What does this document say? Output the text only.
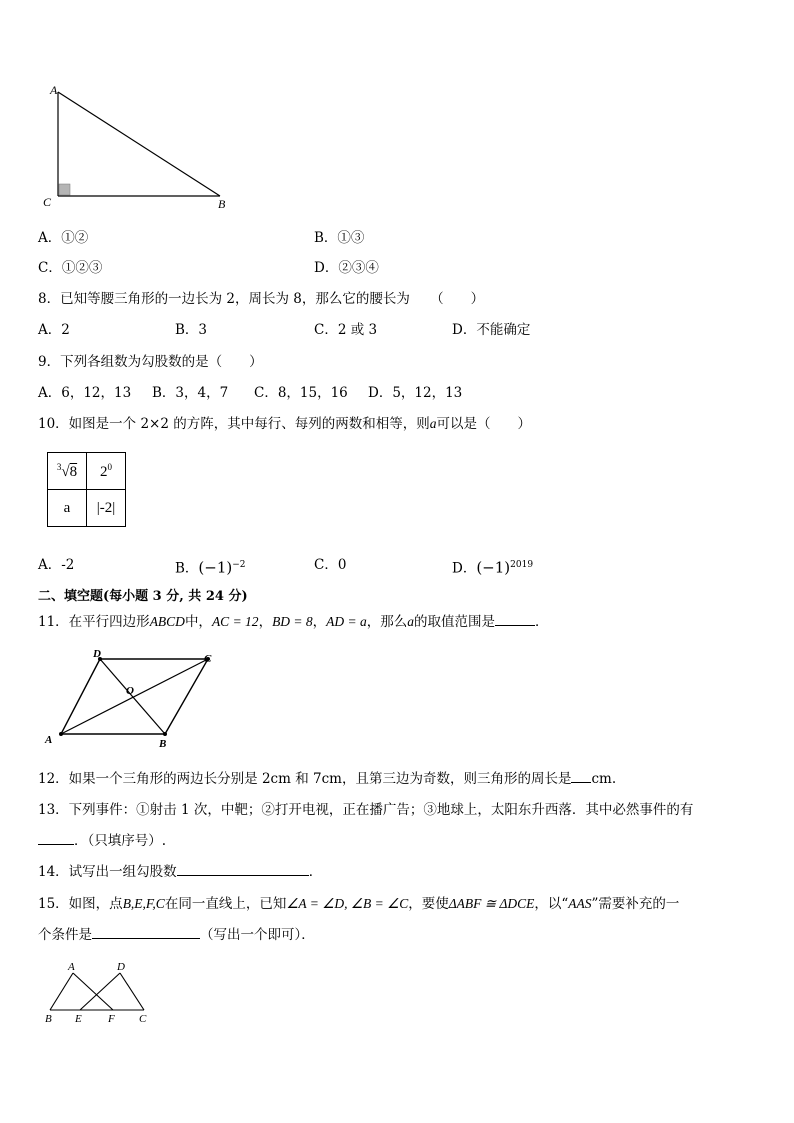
A
C	B
A．①②	B．①③
C．①②③	D．②③④
8．已知等腰三角形的一边长为 2，周长为 8，那么它的腰长为　　（　　）
A．2	B．3	C．2 或 3	D．不能确定
9．下列各组数为勾股数的是（　　）
A．6，12，13 B．3，4，7 C．8，15，16 D．5，12，13
10．如图是一个 2×2 的方阵，其中每行、每列的两数和相等，则a可以是（　　）
$^3$√8	$2^0$
a	|-2|
A．-2	B．$(-1)^{-2}$	C．0	D．$(-1)^{2019}$
二、填空题(每小题 3 分, 共 24 分)
11．在平行四边形ABCD中，AC = 12，BD = 8，AD = a，那么a的取值范围是	．
D	C
O
A	B
12．如果一个三角形的两边长分别是 2cm 和 7cm，且第三边为奇数，则三角形的周长是 cm.
13．下列事件：①射击 1 次，中靶；②打开电视，正在播广告；③地球上，太阳东升西落．其中必然事件的有
．（只填序号）.
14．试写出一组勾股数	．
15．如图，点B,E,F,C在同一直线上，已知∠A = ∠D, ∠B = ∠C，要使ΔABF ≅ ΔDCE，以“AAS”需要补充的一
个条件是	（写出一个即可）．
A	D
B E F C
